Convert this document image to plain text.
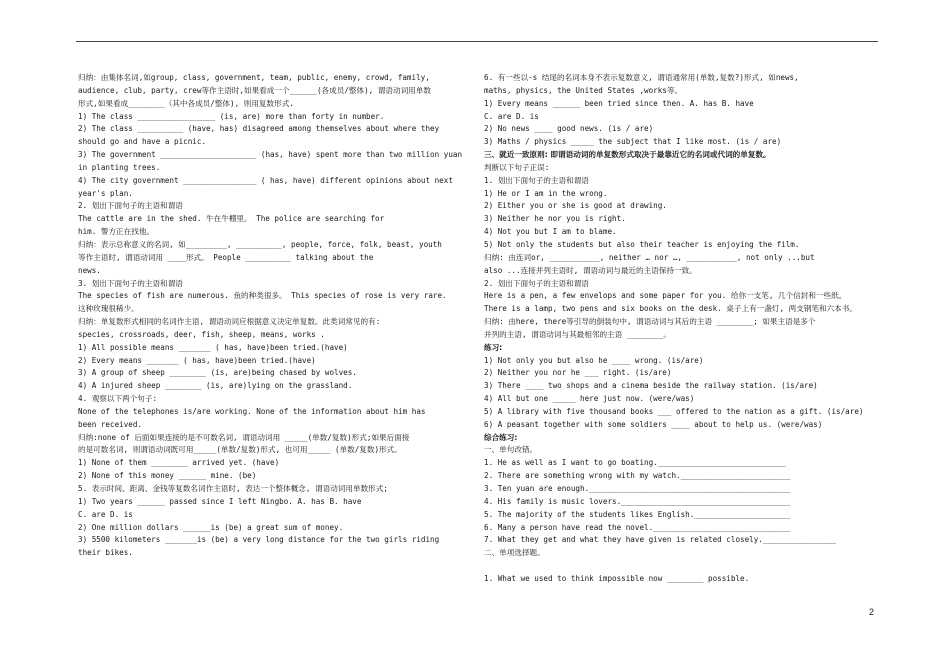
归纳：由集体名词,如group, class, government, team, public, enemy, crowd, family,
audience, club, party, crew等作主语时,如果看成一个______(各成员/整体), 谓语动词用单数
形式,如果看成________（其中各成员/整体), 则用复数形式.
1) The class _________________ (is, are) more than forty in number.
2) The class __________ (have, has) disagreed among themselves about where they
should go and have a picnic.
3) The government _____________________ (has, have) spent more than two million yuan
in planting trees.
4) The city government ________________ ( has, have) different opinions about next
year's plan.
2. 划出下面句子的主语和谓语
The cattle are in the shed. 牛在牛棚里。 The police are searching for
him. 警方正在找他。
归纳：表示总称意义的名词, 如_________, __________, people, force, folk, beast, youth
等作主语时, 谓语动词用 ____形式。 People __________ talking about the
news.
3. 划出下面句子的主语和谓语
The species of fish are numerous. 鱼的种类很多。 This species of rose is very rare.
这种玫瑰很稀少。
归纳：单复数形式相同的名词作主语, 谓语动词应根据意义决定单复数。此类词常见的有:
species, crossroads, deer, fish, sheep, means, works .
1) All possible means _______ ( has, have)been tried.(have)
2) Every means _______ ( has, have)been tried.(have)
3) A group of sheep ________ (is, are)being chased by wolves.
4) A injured sheep ________ (is, are)lying on the grassland.
4. 观察以下两个句子:
None of the telephones is/are working. None of the information about him has
been received.
归纳:none of 后面如果连接的是不可数名词, 谓语动词用 _____(单数/复数)形式;如果后面接
的是可数名词, 则谓语动词既可用_____(单数/复数)形式, 也可用_____ (单数/复数)形式。
1) None of them ________ arrived yet. (have)
2) None of this money ______ mine. (be)
5. 表示时间、距离、金钱等复数名词作主语时, 表达一个整体概念, 谓语动词用单数形式;
1) Two years ______ passed since I left Ningbo. A. has B. have
C. are D. is
2) One million dollars ______is (be) a great sum of money.
3) 5500 kilometers _______is (be) a very long distance for the two girls riding
their bikes.
6. 有一些以-s 结尾的名词本身不表示复数意义, 谓语通常用(单数,复数?)形式, 如news,
maths, physics, the United States ,works等。
1) Every means ______ been tried since then. A. has B. have
C. are D. is
2) No news ____ good news. (is / are)
3) Maths / physics _____ the subject that I like most. (is / are)
三、就近一致原则: 即谓语动词的单复数形式取决于最靠近它的名词或代词的单复数。
判断以下句子正误:
1. 划出下面句子的主语和谓语
1) He or I am in the wrong.
2) Either you or she is good at drawing.
3) Neither he nor you is right.
4) Not you but I am to blame.
5) Not only the students but also their teacher is enjoying the film.
归纳: 由连词or, ___________, neither … nor …, ___________, not only ...but
also ...连接并列主语时, 谓语动词与最近的主语保持一致。
2. 划出下面句子的主语和谓语
Here is a pen, a few envelops and some paper for you. 给你一支笔, 几个信封和一些纸。
There is a lamp, two pens and six books on the desk. 桌子上有一盏灯, 两支钢笔和六本书。
归纳: 由here, there等引导的倒装句中, 谓语动词与其后的主语 ________; 如果主语是多个
并列的主语, 谓语动词与其最相邻的主语 ________。
练习:
1) Not only you but also he ____ wrong. (is/are)
2) Neither you nor he ___ right. (is/are)
3) There ____ two shops and a cinema beside the railway station. (is/are)
4) All but one _____ here just now. (were/was)
5) A library with five thousand books ___ offered to the nation as a gift. (is/are)
6) A peasant together with some soldiers ____ about to help us. (were/was)
综合练习:
一、单句改错。
1. He as well as I want to go boating.____________________________
2. There are something wrong with my watch.________________________
3. Ten yuan are enough.____________________________________________
4. His family is music lovers._____________________________________
5. The majority of the students likes English._____________________
6. Many a person have read the novel.______________________________
7. What they get and what they have given is related closely.________________
二、单项选择题。
1. What we used to think impossible now ________ possible.
2
